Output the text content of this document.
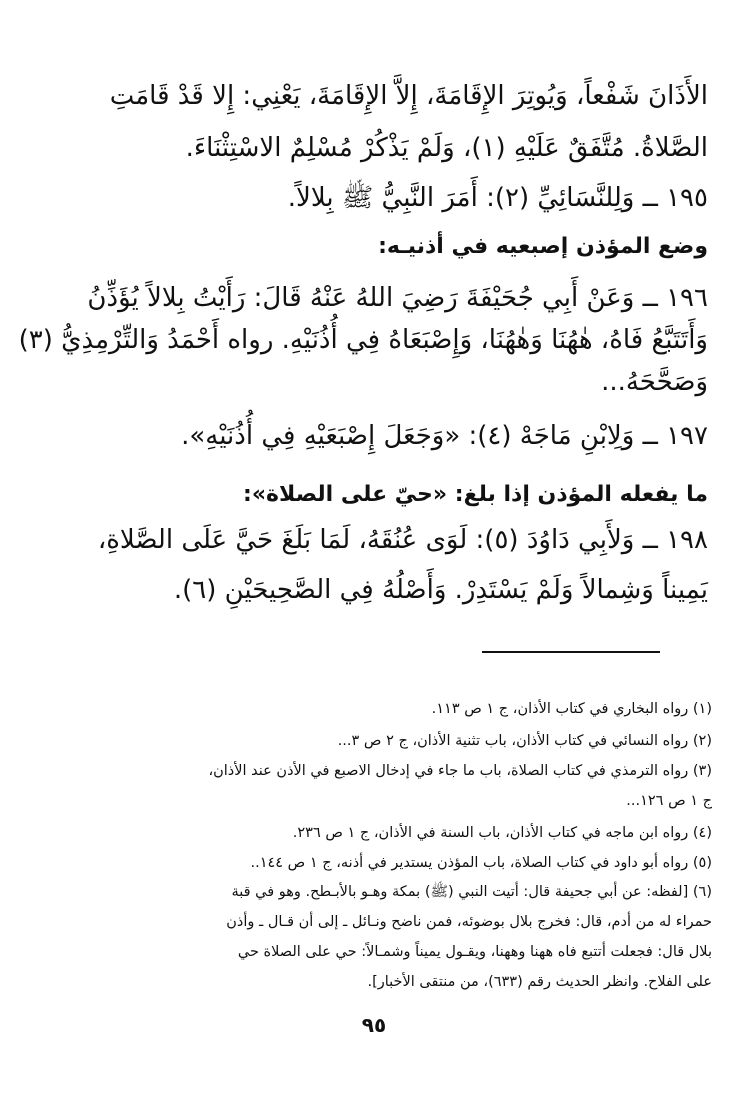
الأَذَانَ شَفْعاً، وَيُوتِرَ الإِقَامَةَ، إِلاَّ الإِقَامَةَ، يَعْنِي: إِلا قَدْ قَامَتِ
الصَّلاةُ. مُتَّفَقٌ عَلَيْهِ (١)، وَلَمْ يَذْكُرْ مُسْلِمٌ الاسْتِثْنَاءَ.
١٩٥ ــ وَلِلنَّسَائِيِّ (٢): أَمَرَ النَّبِيُّ ﷺ بِلالاً.
وضع المؤذن إصبعيه في أذنيـه:
١٩٦ ــ وَعَنْ أَبِي جُحَيْفَةَ رَضِيَ اللهُ عَنْهُ قَالَ: رَأَيْتُ بِلالاً يُؤَذِّنُ
وَأَتَتَبَّعُ فَاهُ، هٰهُنَا وَهٰهُنَا، وَإِصْبَعَاهُ فِي أُذُنَيْهِ. رواه أَحْمَدُ وَالتِّرْمِذِيُّ (٣)
وَصَحَّحَهُ...
١٩٧ ــ وَلِابْنِ مَاجَهْ (٤): «وَجَعَلَ إِصْبَعَيْهِ فِي أُذُنَيْهِ».
ما يفعله المؤذن إذا بلغ: «حيّ على الصلاة»:
١٩٨ ــ وَلأَبِي دَاوُدَ (٥): لَوَى عُنُقَهُ، لَمَا بَلَغَ حَيَّ عَلَى الصَّلاةِ،
يَمِيناً وَشِمالاً وَلَمْ يَسْتَدِرْ. وَأَصْلُهُ فِي الصَّحِيحَيْنِ (٦).
(١) رواه البخاري في كتاب الأذان، ج ١ ص ١١٣.
(٢) رواه النسائي في كتاب الأذان، باب تثنية الأذان، ج ٢ ص ٣...
(٣) رواه الترمذي في كتاب الصلاة، باب ما جاء في إدخال الاصبع في الأذن عند الأذان،
ج ١ ص ١٢٦...
(٤) رواه ابن ماجه في كتاب الأذان، باب السنة في الأذان، ج ١ ص ٢٣٦.
(٥) رواه أبو داود في كتاب الصلاة، باب المؤذن يستدير في أذنه، ج ١ ص ١٤٤..
(٦) [لفظه: عن أبي جحيفة قال: أتيت النبي (ﷺ) بمكة وهـو بالأبـطح. وهو في قبة
حمراء له من أدم، قال: فخرج بلال بوضوئه، فمن ناضح ونـائل ـ إلى أن قـال ـ وأذن
بلال قال: فجعلت أتتبع فاه ههنا وههنا، ويقـول يميناً وشمـالاً: حي على الصلاة حي
على الفلاح. وانظر الحديث رقم (٦٣٣)، من منتقى الأخبار].
٩٥
